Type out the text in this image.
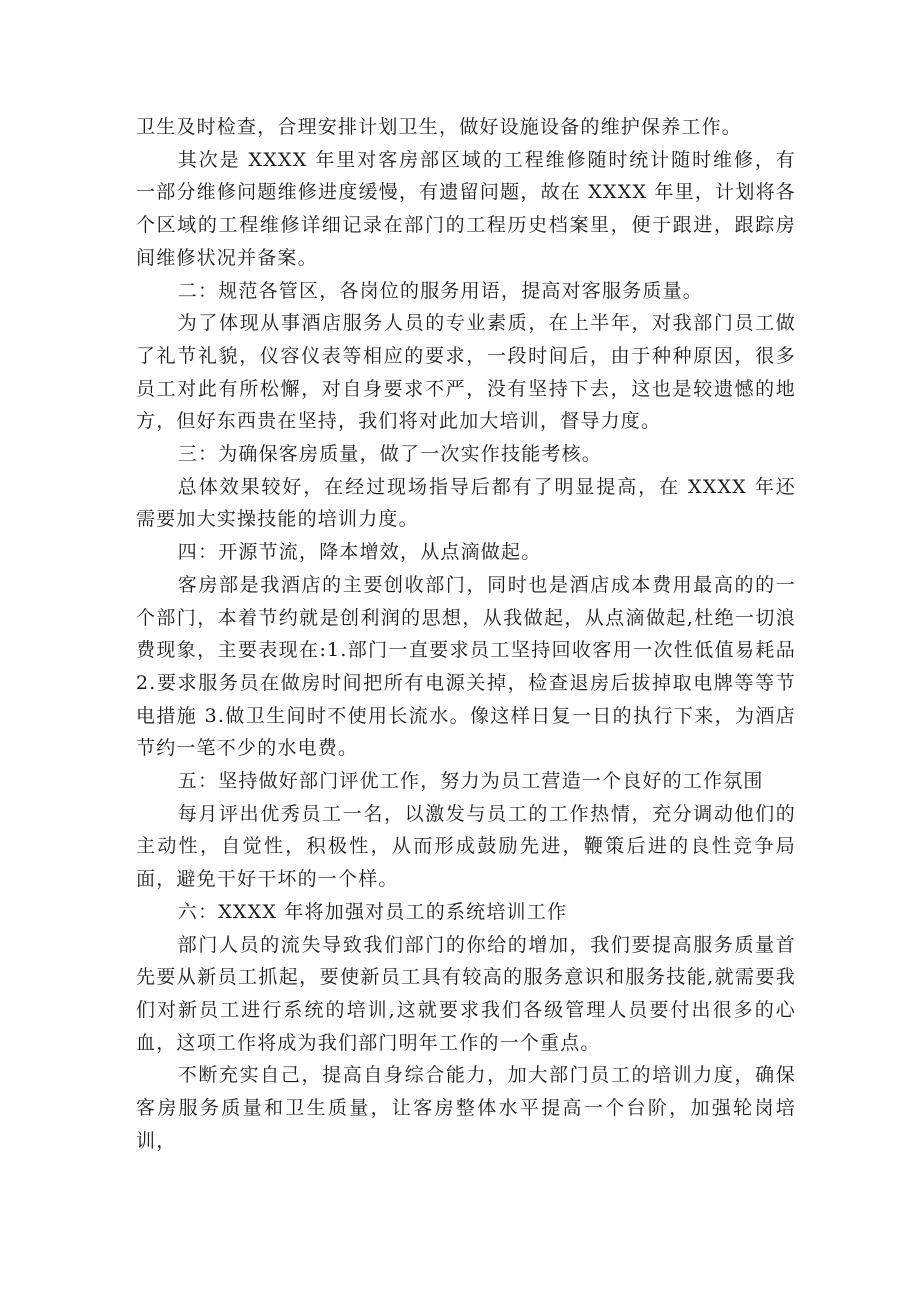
卫生及时检查，合理安排计划卫生，做好设施设备的维护保养工作。

其次是 XXXX 年里对客房部区域的工程维修随时统计随时维修，有一部分维修问题维修进度缓慢，有遗留问题，故在 XXXX 年里，计划将各个区域的工程维修详细记录在部门的工程历史档案里，便于跟进，跟踪房间维修状况并备案。

二：规范各管区，各岗位的服务用语，提高对客服务质量。

为了体现从事酒店服务人员的专业素质，在上半年，对我部门员工做了礼节礼貌，仪容仪表等相应的要求，一段时间后，由于种种原因，很多员工对此有所松懈，对自身要求不严，没有坚持下去，这也是较遗憾的地方，但好东西贵在坚持，我们将对此加大培训，督导力度。

三：为确保客房质量，做了一次实作技能考核。

总体效果较好，在经过现场指导后都有了明显提高，在 XXXX 年还需要加大实操技能的培训力度。

四：开源节流，降本增效，从点滴做起。

客房部是我酒店的主要创收部门，同时也是酒店成本费用最高的的一个部门，本着节约就是创利润的思想，从我做起，从点滴做起,杜绝一切浪费现象，主要表现在:1.部门一直要求员工坚持回收客用一次性低值易耗品 2.要求服务员在做房时间把所有电源关掉，检查退房后拔掉取电牌等等节电措施 3.做卫生间时不使用长流水。像这样日复一日的执行下来，为酒店节约一笔不少的水电费。

五：坚持做好部门评优工作，努力为员工营造一个良好的工作氛围

每月评出优秀员工一名，以激发与员工的工作热情，充分调动他们的主动性，自觉性，积极性，从而形成鼓励先进，鞭策后进的良性竞争局面，避免干好干坏的一个样。

六：XXXX 年将加强对员工的系统培训工作

部门人员的流失导致我们部门的你给的增加，我们要提高服务质量首先要从新员工抓起，要使新员工具有较高的服务意识和服务技能,就需要我们对新员工进行系统的培训,这就要求我们各级管理人员要付出很多的心血，这项工作将成为我们部门明年工作的一个重点。

不断充实自己，提高自身综合能力，加大部门员工的培训力度，确保客房服务质量和卫生质量，让客房整体水平提高一个台阶，加强轮岗培训，
